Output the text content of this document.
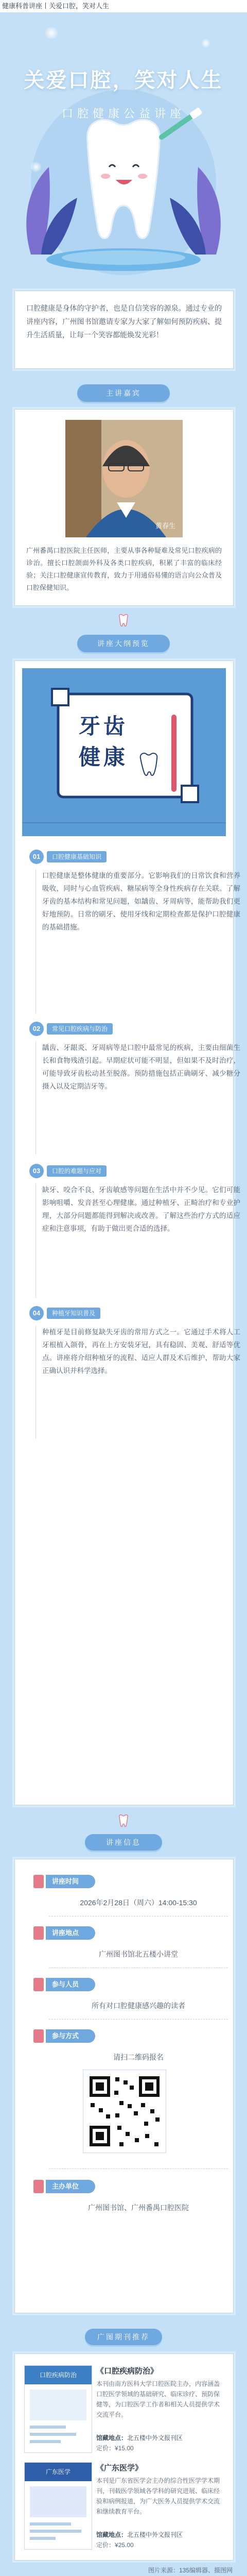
健康科普讲座丨关爱口腔，笑对人生
关爱口腔，笑对人生
口腔健康公益讲座
口腔健康是身体的守护者，也是自信笑容的源泉。通过专业的讲座内容，广州图书馆邀请专家为大家了解如何预防疾病、提升生活质量，让每一个笑容都能焕发光彩！
主讲嘉宾
黄春生
广州番禺口腔医院主任医师，主要从事各种疑难及常见口腔疾病的诊治。擅长口腔颌面外科及各类口腔疾病，积累了丰富的临床经验；关注口腔健康宣传教育，致力于用通俗易懂的语言向公众普及口腔保健知识。
讲座大纲预览
牙齿
健康
01	口腔健康基础知识
口腔健康是整体健康的重要部分。它影响我们的日常饮食和营养吸收，同时与心血管疾病、糖尿病等全身性疾病存在关联。了解牙齿的基本结构和常见问题，如龋齿、牙周病等，能帮助我们更好地预防。日常的刷牙、使用牙线和定期检查都是保护口腔健康的基础措施。
02	常见口腔疾病与防治
龋齿、牙龈炎、牙周病等是口腔中最常见的疾病，主要由细菌生长和食物残渣引起。早期症状可能不明显，但如果不及时治疗，可能导致牙齿松动甚至脱落。预防措施包括正确刷牙、减少糖分摄入以及定期洁牙等。
03	口腔的难题与应对
缺牙、咬合不良、牙齿敏感等问题在生活中并不少见。它们可能影响咀嚼、发音甚至心理健康。通过种植牙、正畸治疗和专业护理，大部分问题都能得到解决或改善。了解这些治疗方式的适应症和注意事项，有助于做出更合适的选择。
04	种植牙知识普及
种植牙是目前修复缺失牙齿的常用方式之一。它通过手术将人工牙根植入颌骨，再在上方安装牙冠，具有稳固、美观、舒适等优点。讲座将介绍种植牙的流程、适应人群及术后维护，帮助大家正确认识并科学选择。
讲座信息
讲座时间
2026年2月28日（周六）14:00-15:30
讲座地点
广州图书馆北五楼小讲堂
参与人员
所有对口腔健康感兴趣的读者
参与方式
请扫二维码报名
主办单位
广州图书馆、广州番禺口腔医院
广图期刊推荐
口腔疾病防治	《口腔疾病防治》
本刊由南方医科大学口腔医院主办，内容涵盖口腔医学领域的基础研究、临床诊疗、预防保健等，为口腔医学工作者和相关人员提供学术交流平台。
馆藏地点：北五楼中外文报刊区
定价：¥15.00
广东医学	《广东医学》
本刊是广东省医学会主办的综合性医学学术期刊，刊载医学领域各学科的研究进展、临床经验和病例报道，为广大医务人员提供学术交流和继续教育平台。
馆藏地点：北五楼中外文报刊区
定价：¥25.00
图片来源：135编辑器、摄图网
